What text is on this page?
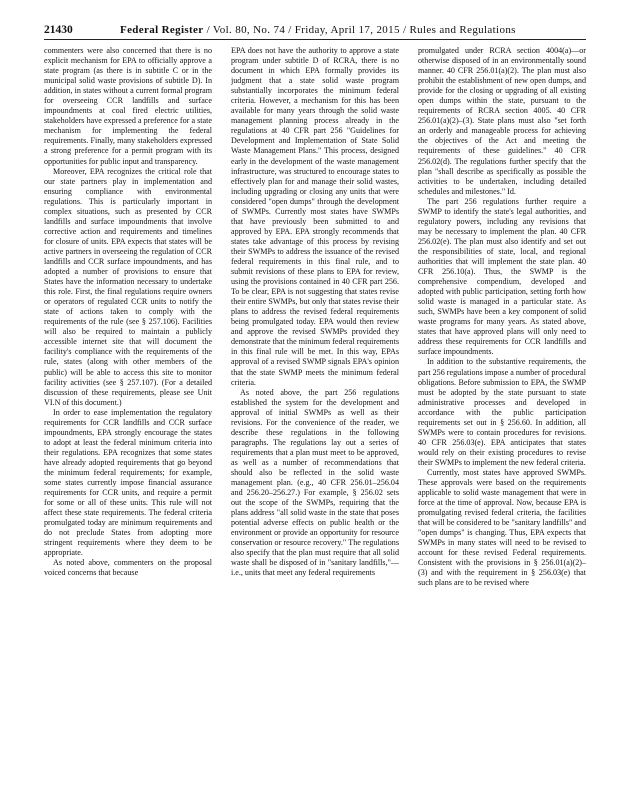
21430	Federal Register / Vol. 80, No. 74 / Friday, April 17, 2015 / Rules and Regulations

commenters were also concerned that there is no explicit mechanism for EPA to officially approve a state program (as there is in subtitle C or in the municipal solid waste provisions of subtitle D). In addition, in states without a current formal program for overseeing CCR landfills and surface impoundments at coal fired electric utilities, stakeholders have expressed a preference for a state mechanism for implementing the federal requirements. Finally, many stakeholders expressed a strong preference for a permit program with its opportunities for public input and transparency.

Moreover, EPA recognizes the critical role that our state partners play in implementation and ensuring compliance with environmental regulations. This is particularly important in complex situations, such as presented by CCR landfills and surface impoundments that involve corrective action and requirements and timelines for closure of units. EPA expects that states will be active partners in overseeing the regulation of CCR landfills and CCR surface impoundments, and has adopted a number of provisions to ensure that States have the information necessary to undertake this role. First, the final regulations require owners or operators of regulated CCR units to notify the state of actions taken to comply with the requirements of the rule (see § 257.106). Facilities will also be required to maintain a publicly accessible internet site that will document the facility's compliance with the requirements of the rule, states (along with other members of the public) will be able to access this site to monitor facility activities (see § 257.107). (For a detailed discussion of these requirements, please see Unit VI.N of this document.)

In order to ease implementation the regulatory requirements for CCR landfills and CCR surface impoundments, EPA strongly encourage the states to adopt at least the federal minimum criteria into their regulations. EPA recognizes that some states have already adopted requirements that go beyond the minimum federal requirements; for example, some states currently impose financial assurance requirements for CCR units, and require a permit for some or all of these units. This rule will not affect these state requirements. The federal criteria promulgated today are minimum requirements and do not preclude States from adopting more stringent requirements where they deem to be appropriate.

As noted above, commenters on the proposal voiced concerns that because

EPA does not have the authority to approve a state program under subtitle D of RCRA, there is no document in which EPA formally provides its judgment that a state solid waste program substantially incorporates the minimum federal criteria. However, a mechanism for this has been available for many years through the solid waste management planning process already in the regulations at 40 CFR part 256 "Guidelines for Development and Implementation of State Solid Waste Management Plans." This process, designed early in the development of the waste management infrastructure, was structured to encourage states to effectively plan for and manage their solid wastes, including upgrading or closing any units that were considered "open dumps" through the development of SWMPs. Currently most states have SWMPs that have previously been submitted to and approved by EPA. EPA strongly recommends that states take advantage of this process by revising their SWMPs to address the issuance of the revised federal requirements in this final rule, and to submit revisions of these plans to EPA for review, using the provisions contained in 40 CFR part 256. To be clear, EPA is not suggesting that states revise their entire SWMPs, but only that states revise their plans to address the revised federal requirements being promulgated today. EPA would then review and approve the revised SWMPs provided they demonstrate that the minimum federal requirements in this final rule will be met. In this way, EPAs approval of a revised SWMP signals EPA's opinion that the state SWMP meets the minimum federal criteria.

As noted above, the part 256 regulations established the system for the development and approval of initial SWMPs as well as their revisions. For the convenience of the reader, we describe these regulations in the following paragraphs. The regulations lay out a series of requirements that a plan must meet to be approved, as well as a number of recommendations that should also be reflected in the solid waste management plan. (e.g., 40 CFR 256.01–256.04 and 256.20–256.27.) For example, § 256.02 sets out the scope of the SWMPs, requiring that the plans address "all solid waste in the state that poses potential adverse effects on public health or the environment or provide an opportunity for resource conservation or resource recovery." The regulations also specify that the plan must require that all solid waste shall be disposed of in "sanitary landfills,"— i.e., units that meet any federal requirements

promulgated under RCRA section 4004(a)—or otherwise disposed of in an environmentally sound manner. 40 CFR 256.01(a)(2). The plan must also prohibit the establishment of new open dumps, and provide for the closing or upgrading of all existing open dumps within the state, pursuant to the requirements of RCRA section 4005. 40 CFR 256.01(a)(2)–(3). State plans must also "set forth an orderly and manageable process for achieving the objectives of the Act and meeting the requirements of these guidelines." 40 CFR 256.02(d). The regulations further specify that the plan "shall describe as specifically as possible the activities to be undertaken, including detailed schedules and milestones." Id.

The part 256 regulations further require a SWMP to identify the state's legal authorities, and regulatory powers, including any revisions that may be necessary to implement the plan. 40 CFR 256.02(e). The plan must also identify and set out the responsibilities of state, local, and regional authorities that will implement the state plan. 40 CFR 256.10(a). Thus, the SWMP is the comprehensive compendium, developed and adopted with public participation, setting forth how solid waste is managed in a particular state. As such, SWMPs have been a key component of solid waste programs for many years. As stated above, states that have approved plans will only need to address these requirements for CCR landfills and surface impoundments.

In addition to the substantive requirements, the part 256 regulations impose a number of procedural obligations. Before submission to EPA, the SWMP must be adopted by the state pursuant to state administrative processes and developed in accordance with the public participation requirements set out in § 256.60. In addition, all SWMPs were to contain procedures for revisions. 40 CFR 256.03(e). EPA anticipates that states would rely on their existing procedures to revise their SWMPs to implement the new federal criteria.

Currently, most states have approved SWMPs. These approvals were based on the requirements applicable to solid waste management that were in force at the time of approval. Now, because EPA is promulgating revised federal criteria, the facilities that will be considered to be "sanitary landfills" and "open dumps" is changing. Thus, EPA expects that SWMPs in many states will need to be revised to account for these revised Federal requirements. Consistent with the provisions in § 256.01(a)(2)–(3) and with the requirement in § 256.03(e) that such plans are to be revised where
